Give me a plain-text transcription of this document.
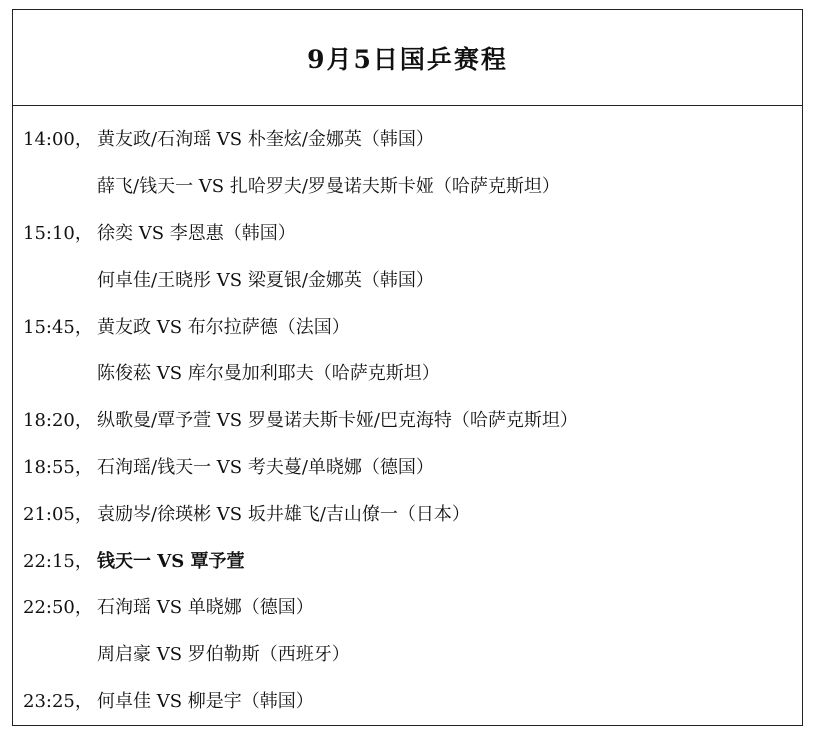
9月5日国乒赛程
14:00， 黄友政/石洵瑶 VS 朴奎炫/金娜英（韩国）
薛飞/钱天一 VS 扎哈罗夫/罗曼诺夫斯卡娅（哈萨克斯坦）
15:10， 徐奕 VS 李恩惠（韩国）
何卓佳/王晓彤 VS 梁夏银/金娜英（韩国）
15:45， 黄友政 VS 布尔拉萨德（法国）
陈俊菘 VS 库尔曼加利耶夫（哈萨克斯坦）
18:20， 纵歌曼/覃予萱 VS 罗曼诺夫斯卡娅/巴克海特（哈萨克斯坦）
18:55， 石洵瑶/钱天一 VS 考夫蔓/单晓娜（德国）
21:05， 袁励岑/徐瑛彬 VS 坂井雄飞/吉山僚一（日本）
22:15， 钱天一 VS 覃予萱
22:50， 石洵瑶 VS 单晓娜（德国）
周启豪 VS 罗伯勒斯（西班牙）
23:25， 何卓佳 VS 柳是宇（韩国）
